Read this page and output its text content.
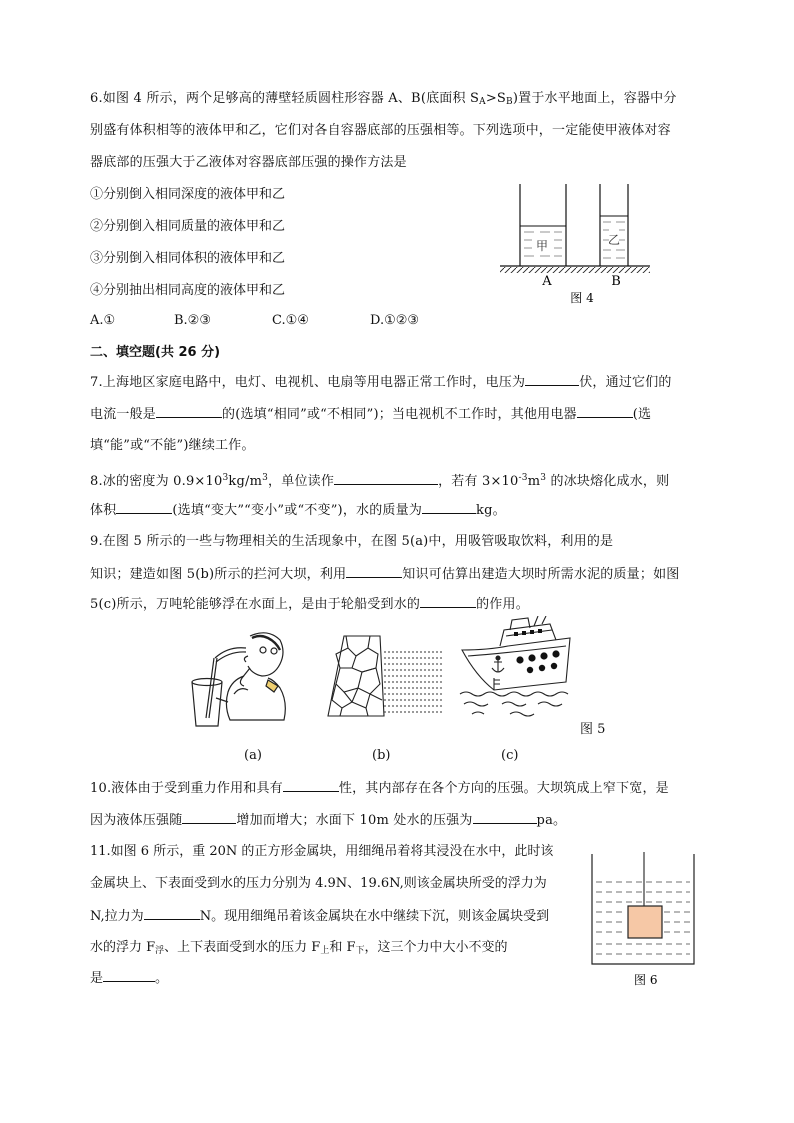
6.如图 4 所示，两个足够高的薄壁轻质圆柱形容器 A、B(底面积 $S_A>S_B$)置于水平地面上，容器中分
别盛有体积相等的液体甲和乙，它们对各自容器底部的压强相等。下列选项中，一定能使甲液体对容
器底部的压强大于乙液体对容器底部压强的操作方法是
①分别倒入相同深度的液体甲和乙
②分别倒入相同质量的液体甲和乙
③分别倒入相同体积的液体甲和乙
④分别抽出相同高度的液体甲和乙
A.①	B.②③	C.①④	D.①②③
甲	乙
A	B
图 4
二、填空题(共 26 分)
7.上海地区家庭电路中，电灯、电视机、电扇等用电器正常工作时，电压为	伏，通过它们的
电流一般是	的(选填“相同”或“不相同”)；当电视机不工作时，其他用电器	(选
填“能”或“不能”)继续工作。
8.冰的密度为 $0.9\times 10^3kg/m^3$，单位读作	，若有 $3\times 10^{-3}m^3$ 的冰块熔化成水，则
体积	(选填“变大”“变小”或“不变”)，水的质量为	kg。
9.在图 5 所示的一些与物理相关的生活现象中，在图 5(a)中，用吸管吸取饮料，利用的是
知识；建造如图 5(b)所示的拦河大坝，利用	知识可估算出建造大坝时所需水泥的质量；如图
5(c)所示，万吨轮能够浮在水面上，是由于轮船受到水的	的作用。
图 5
(a)	(b)	(c)
10.液体由于受到重力作用和具有	性，其内部存在各个方向的压强。大坝筑成上窄下宽，是
因为液体压强随	增加而增大；水面下 10m 处水的压强为	pa。
11.如图 6 所示，重 20N 的正方形金属块，用细绳吊着将其浸没在水中，此时该
金属块上、下表面受到水的压力分别为 4.9N、19.6N,则该金属块所受的浮力为
N,拉力为	N。现用细绳吊着该金属块在水中继续下沉，则该金属块受到
水的浮力 $F_浮$、上下表面受到水的压力 $F_上$和 $F_下$，这三个力中大小不变的
是	。	图 6
